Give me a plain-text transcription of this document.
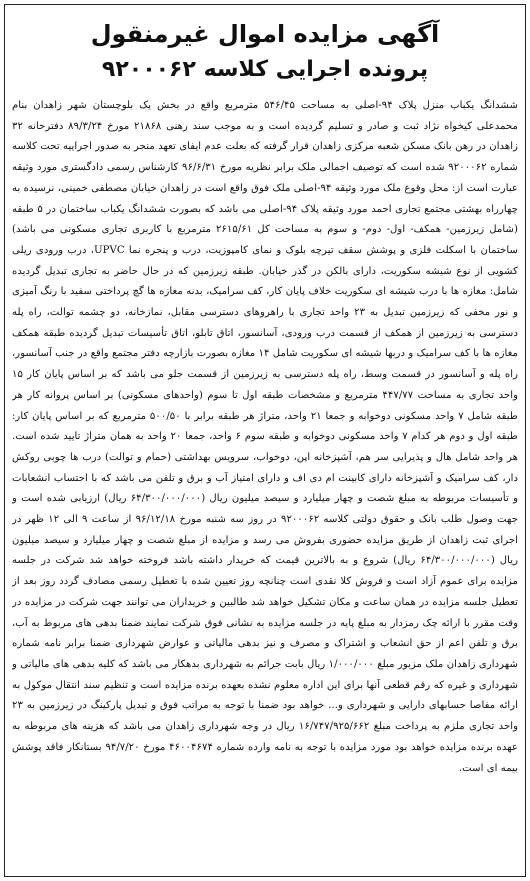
آگهی مزایده اموال غیرمنقول
پرونده اجرایی کلاسه ۹۲۰۰۰۶۲

ششدانگ یکباب منزل پلاک ۹۴-اصلی به مساحت ۵۴۶/۴۵ مترمربع واقع در بخش یک بلوچستان شهر زاهدان بنام محمدعلی کیخواه نژاد ثبت و صادر و تسلیم گردیده است و به موجب سند رهنی ۲۱۸۶۸ مورخ ۸۹/۳/۲۴ دفترخانه ۳۲ زاهدان در رهن بانک مسکن شعبه مرکزی زاهدان قرار گرفته که بعلت عدم ایفای تعهد منجر به صدور اجراییه تحت کلاسه شماره ۹۲۰۰۰۶۲ شده است که توصیف اجمالی ملک برابر نظریه مورخ ۹۶/۶/۳۱ کارشناس رسمی دادگستری مورد وثیقه عبارت است از: محل وقوع ملک مورد وثیقه ۹۴-اصلی ملک فوق واقع است در زاهدان خیابان مصطفی خمینی، نرسیده به چهارراه بهشتی مجتمع تجاری احمد مورد وثیقه پلاک ۹۴-اصلی می باشد که بصورت ششدانگ یکباب ساختمان در ۵ طبقه (شامل زیرزمین- همکف- اول- دوم- و سوم به مساحت کل ۲۶۱۵/۶۱ مترمربع با کاربری تجاری مسکونی می باشد) ساختمان با اسکلت فلزی و پوشش سقف تیرچه بلوک و نمای کامپوزیت، درب و پنجره نما UPVC، درب ورودی ریلی کشویی از نوع شیشه سکوریت، دارای بالکن در گذر خیابان. طبقه زیرزمین که در حال حاضر به تجاری تبدیل گردیده شامل: مغازه ها با درب شیشه ای سکوریت خلاف پایان کار، کف سرامیک، بدنه مغازه ها گچ پرداختی سفید با رنگ آمیزی و نور مخفی که زیرزمین تبدیل به ۲۳ واحد تجاری با راهروهای دسترسی مقابل، نمازخانه، دو چشمه توالت، راه پله دسترسی به زیرزمین از همکف از قسمت درب ورودی، آسانسور، اتاق تابلو، اتاق تأسیسات تبدیل گردیده طبقه همکف مغازه ها با کف سرامیک و دربها شیشه ای سکوریت شامل ۱۴ مغازه بصورت بازارچه دفتر مجتمع واقع در جنب آسانسور، راه پله و آسانسور در قسمت وسط، راه پله دسترسی به زیرزمین از قسمت جلو می باشد که بر اساس پایان کار ۱۵ واحد تجاری به مساحت ۴۴۷/۷۷ مترمربع و مشخصات طبقه اول تا سوم (واحدهای مسکونی) بر اساس پروانه کار هر طبقه شامل ۷ واحد مسکونی دوخوابه و جمعا ۲۱ واحد، متراژ هر طبقه برابر با ۵۰۰/۵۰ مترمربع که بر اساس پایان کار: طبقه اول و دوم هر کدام ۷ واحد مسکونی دوخوابه و طبقه سوم ۶ واحد، جمعا ۲۰ واحد به همان متراژ تایید شده است. هر واحد شامل هال و پذیرایی سر هم، آشپزخانه اپن، دوخواب، سرویس بهداشتی (حمام و توالت) درب ها چوبی روکش دار، کف سرامیک و آشپزخانه دارای کابینت ام دی اف و دارای امتیاز آب و برق و تلفن می باشد که با احتساب انشعابات و تأسیسات مربوطه به مبلغ شصت و چهار میلیارد و سیصد میلیون ریال (۶۴/۳۰۰/۰۰۰/۰۰۰ ریال) ارزیابی شده است و جهت وصول طلب بانک و حقوق دولتی کلاسه ۹۲۰۰۰۶۲ در روز سه شنبه مورخ ۹۶/۱۲/۱۸ از ساعت ۹ الی ۱۲ ظهر در اجرای ثبت زاهدان از طریق مزایده حضوری بفروش می رسد و مزایده از مبلغ شصت و چهار میلیارد و سیصد میلیون ریال (۶۴/۳۰۰/۰۰۰/۰۰۰ ریال) شروع و به بالاترین قیمت که خریدار داشته باشد فروخته خواهد شد شرکت در جلسه مزایده برای عموم آزاد است و فروش کلا نقدی است چنانچه روز تعیین شده با تعطیل رسمی مصادف گردد روز بعد از تعطیل جلسه مزایده در همان ساعت و مکان تشکیل خواهد شد طالبین و خریداران می توانند جهت شرکت در مزایده در وقت مقرر با ارائه چک رمزدار به مبلغ پایه در جلسه مزایده به نشانی فوق شرکت نمایند ضمنا بدهی های مربوط به آب، برق و تلفن اعم از حق انشعاب و اشتراک و مصرف و نیز بدهی مالیاتی و عوارض شهرداری ضمنا برابر نامه شماره شهرداری زاهدان ملک مزبور مبلغ ۱/۰۰۰/۰۰۰ ریال بابت جرائم به شهرداری بدهکار می باشد که کلیه بدهی های مالیاتی و شهرداری و غیره که رقم قطعی آنها برای این اداره معلوم نشده بعهده برنده مزایده است و تنظیم سند انتقال موکول به ارائه مفاصا حسابهای دارایی و شهرداری و... خواهد بود ضمنا با توجه به مراتب فوق و تبدیل پارکینگ در زیرزمین به ۲۳ واحد تجاری ملزم به پرداخت مبلغ ۱۶/۷۴۷/۹۲۵/۶۶۲ ریال در وجه شهرداری زاهدان می باشد که هزینه های مربوطه به عهده برنده مزایده خواهد بود مورد مزایده با توجه به نامه وارده شماره ۴۶۰۰۴۶۷۴ مورخ ۹۴/۷/۲۰ بستانکار فاقد پوشش بیمه ای است.
